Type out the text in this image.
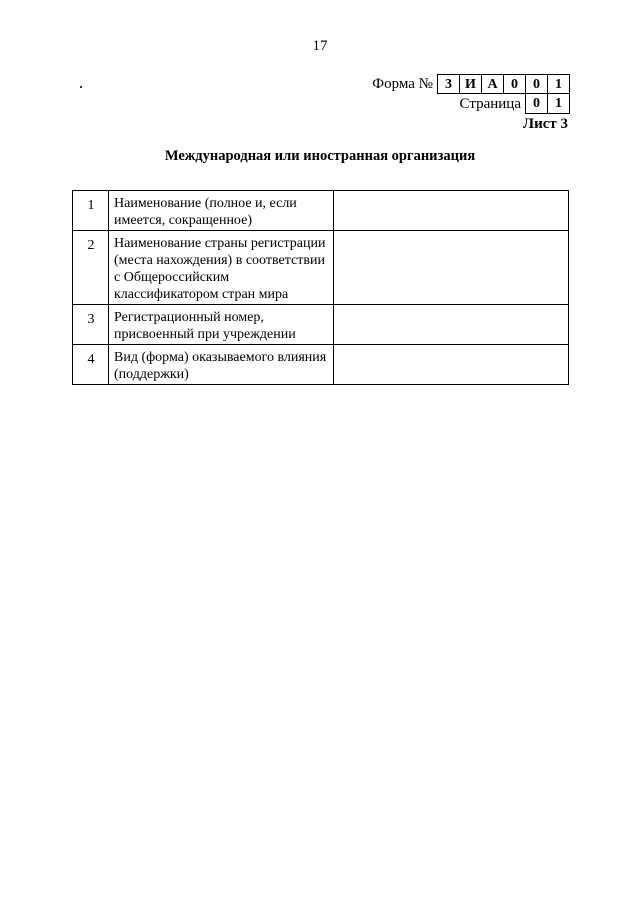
17
Форма № 3 И А 0	0	1
Страница 0	1
Лист 3
Международная или иностранная организация
1	Наименование (полное и, если имеется, сокращенное)	
2	Наименование страны регистрации (места нахождения) в соответствии с Общероссийским классификатором стран мира	
3	Регистрационный номер, присвоенный при учреждении	
4	Вид (форма) оказываемого влияния (поддержки)	
